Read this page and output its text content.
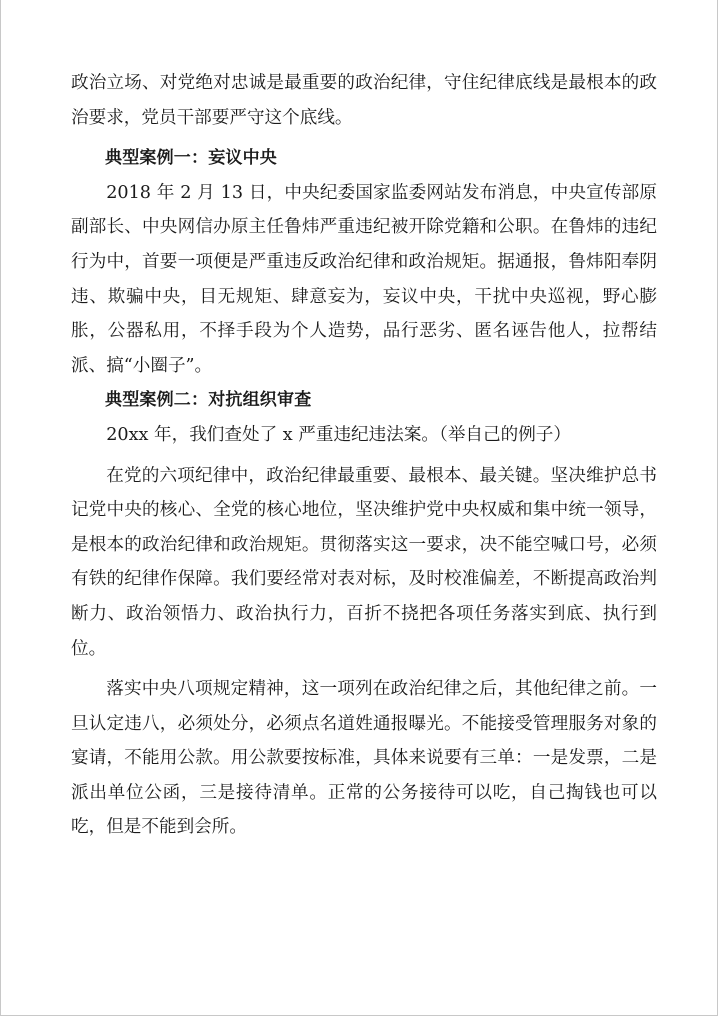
政治立场、对党绝对忠诚是最重要的政治纪律，守住纪律底线是最根本的政治要求，党员干部要严守这个底线。

典型案例一：妄议中央

2018 年 2 月 13 日，中央纪委国家监委网站发布消息，中央宣传部原副部长、中央网信办原主任鲁炜严重违纪被开除党籍和公职。在鲁炜的违纪行为中，首要一项便是严重违反政治纪律和政治规矩。据通报，鲁炜阳奉阴违、欺骗中央，目无规矩、肆意妄为，妄议中央，干扰中央巡视，野心膨胀，公器私用，不择手段为个人造势，品行恶劣、匿名诬告他人，拉帮结派、搞“小圈子”。

典型案例二：对抗组织审查

20xx 年，我们查处了 x 严重违纪违法案。（举自己的例子）

在党的六项纪律中，政治纪律最重要、最根本、最关键。坚决维护总书记党中央的核心、全党的核心地位，坚决维护党中央权威和集中统一领导，是根本的政治纪律和政治规矩。贯彻落实这一要求，决不能空喊口号，必须有铁的纪律作保障。我们要经常对表对标，及时校准偏差，不断提高政治判断力、政治领悟力、政治执行力，百折不挠把各项任务落实到底、执行到位。

落实中央八项规定精神，这一项列在政治纪律之后，其他纪律之前。一旦认定违八，必须处分，必须点名道姓通报曝光。不能接受管理服务对象的宴请，不能用公款。用公款要按标准，具体来说要有三单：一是发票，二是派出单位公函，三是接待清单。正常的公务接待可以吃，自己掏钱也可以吃，但是不能到会所。
